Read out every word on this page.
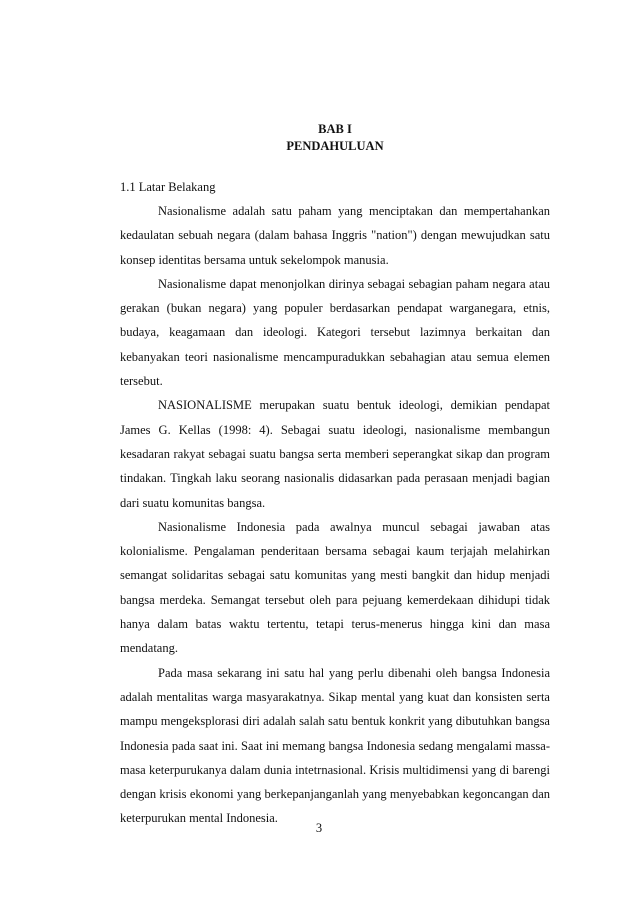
BAB I
PENDAHULUAN
1.1 Latar Belakang

Nasionalisme adalah satu paham yang menciptakan dan mempertahankan kedaulatan sebuah negara (dalam bahasa Inggris "nation") dengan mewujudkan satu konsep identitas bersama untuk sekelompok manusia.

Nasionalisme dapat menonjolkan dirinya sebagai sebagian paham negara atau gerakan (bukan negara) yang populer berdasarkan pendapat warganegara, etnis, budaya, keagamaan dan ideologi. Kategori tersebut lazimnya berkaitan dan kebanyakan teori nasionalisme mencampuradukkan sebahagian atau semua elemen tersebut.

NASIONALISME merupakan suatu bentuk ideologi, demikian pendapat James G. Kellas (1998: 4). Sebagai suatu ideologi, nasionalisme membangun kesadaran rakyat sebagai suatu bangsa serta memberi seperangkat sikap dan program tindakan. Tingkah laku seorang nasionalis didasarkan pada perasaan menjadi bagian dari suatu komunitas bangsa.

Nasionalisme Indonesia pada awalnya muncul sebagai jawaban atas kolonialisme. Pengalaman penderitaan bersama sebagai kaum terjajah melahirkan semangat solidaritas sebagai satu komunitas yang mesti bangkit dan hidup menjadi bangsa merdeka. Semangat tersebut oleh para pejuang kemerdekaan dihidupi tidak hanya dalam batas waktu tertentu, tetapi terus-menerus hingga kini dan masa mendatang.

Pada masa sekarang ini satu hal yang perlu dibenahi oleh bangsa Indonesia adalah mentalitas warga masyarakatnya. Sikap mental yang kuat dan konsisten serta mampu mengeksplorasi diri adalah salah satu bentuk konkrit yang dibutuhkan bangsa Indonesia pada saat ini. Saat ini memang bangsa Indonesia sedang mengalami massa-masa keterpurukanya dalam dunia intetrnasional. Krisis multidimensi yang di barengi dengan krisis ekonomi yang berkepanjanganlah yang menyebabkan kegoncangan dan keterpurukan mental Indonesia.

3
